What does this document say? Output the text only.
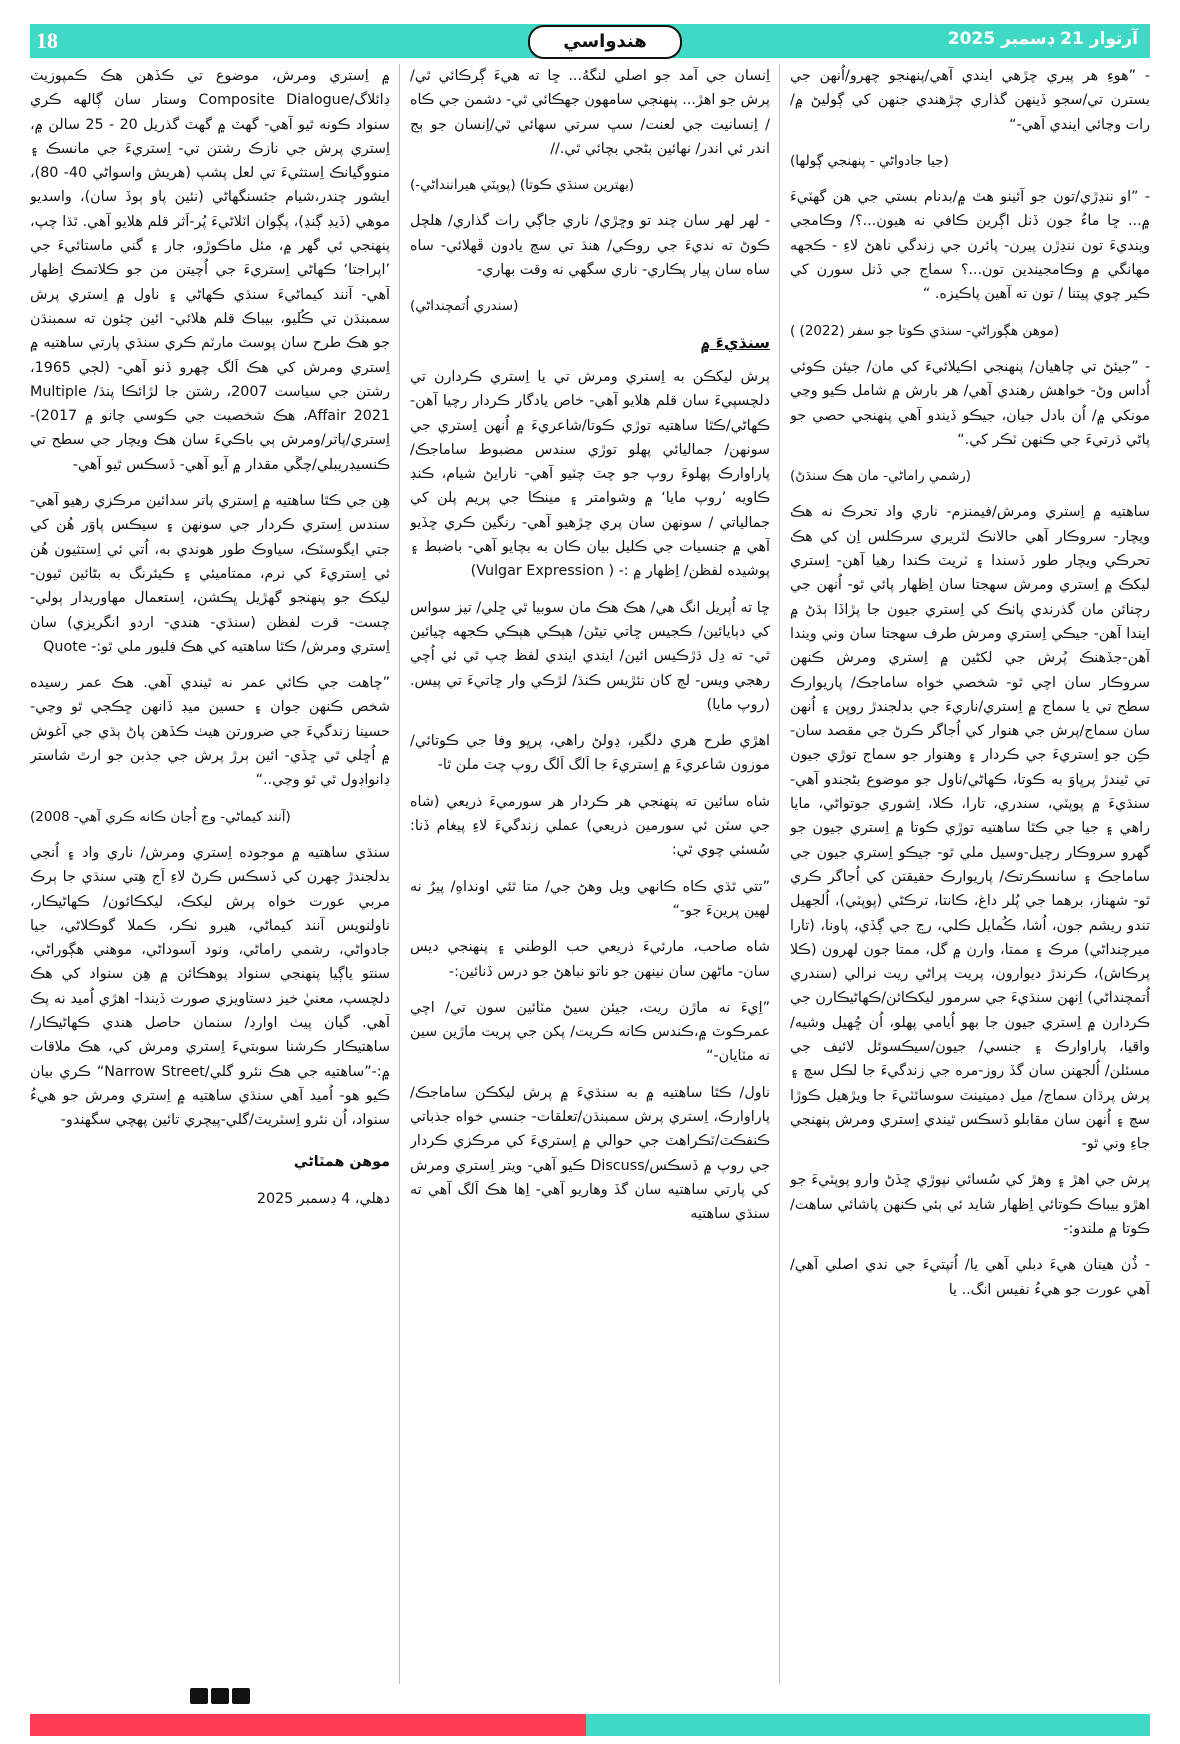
18	هندواسي	آرتوار 21 ڊسمبر 2025

- ”هوءِ هر پيري چڙهي ايندي آهي/پنهنجو چهرو/اُنهن جي بسترن تي/سجو ڏينهن گذاري چڙهندي جنهن کي ڳوليڻ ۾/رات وڃائي ايندي آهي-“

(جيا جادواڻي - پنهنجي ڳولها)

- ”او ننڍڙي/تون جو آئينو هٿ ۾/بدنام بستي جي هن گهٽيءَ ۾... ڇا ماءُ جون ڏنل اڳرين ڪافي نه هيون...؟/ وڪامجي وينديءَ تون ننڍڙن پيرن- پائرن جي زندگي ناهڻ لاءِ - ڪجهه مهانگي ۾ وڪامجيندين تون...؟ سماج جي ڏنل سورن کي ڪير چوي پيتنا / تون ته آهين پاڪيزه. “

(موهن هڳوراڻي- سنڌي ڪوتا جو سفر (2022) )

- ”جيئڻ تي چاهيان/ پنهنجي اڪيلائيءَ کي مان/ جيئن ڪوئي اُداس وڻ- خواهش رهندي آهي/ هر بارش ۾ شامل ڪيو وڃي مونکي ۾/ اُن بادل جيان، جيڪو ڏيندو آهي پنهنجي حصي جو پاڻي ڌرتيءَ جي ڪنهن ٽڪر کي.“

(رشمي راماڻي- مان هڪ سنڌڻ)

ساهتيه ۾ اِستري ومرش/فيمنزم- ناري واد تحرڪ نه هڪ ويچار- سروڪار آهي حالانڪ لٽريري سرڪلس اِن کي هڪ تحرڪي ويچار طور ڏسندا ۽ ٽريٽ ڪندا رهيا آهن- اِستري ليکڪ ۾ اِستري ومرش سهجتا سان اِظهار پائي ٿو- اُنهن جي رچنائن مان گذرندي پاٺڪ کي اِستري جيون جا پڙاڏا ٻڌڻ ۾ ايندا آهن- جيڪي اِستري ومرش طرف سهجتا سان وني ويندا آهن-جڏهنڪ پُرش جي لکڻين ۾ اِستري ومرش ڪنهن سروڪار سان اچي ٿو- شخصي خواه ساماجڪ/ پاريوارڪ سطح تي يا سماج ۾ اِستري/ناريءَ جي بدلجندڙ روپن ۽ اُنهن سان سماج/پرش جي هنوار کي اُجاگر ڪرڻ جي مقصد سان- ڪِن جو اِستريءَ جي ڪردار ۽ وهنوار جو سماج توڙي جيون تي ٿيندڙ پرڀاوَ به ڪوتا، ڪهاڻي/ناول جو موضوع بڻجندو آهي- سنڌيءَ ۾ پوپٽي، سندري، تارا، ڪلا، اِشوري جوتواڻي، مايا راهي ۽ جيا جي ڪٿا ساهتيه توڙي ڪوتا ۾ اِستري جيون جو گهرو سروڪار رچيل-وسيل ملي ٿو- جيڪو اِستري جيون جي ساماجڪ ۽ سانسڪرتڪ/ پاريوارڪ حقيقتن کي اُجاگر ڪري ٿو- شهناز، برهما جي پُلر داغ، ڪانتا، ترڪڻي (پوپٽي)، اُلجهيل تندو ريشم جون، اُشا، ڪُمايل ڪلي، رڃ جي ڳڏي، پاونا، (تارا ميرچنداڻي) مرڪ ۽ ممتا، وارن ۾ گل، ممتا جون لهرون (ڪلا پرڪاش)، ڪرندڙ ديوارون، پريت پراڻي ريت نرالي (سندري اُتمچنداڻي) اِنهن سنڌيءَ جي سرمور ليکڪائن/ڪهاڻيڪارن جي ڪردارن ۾ اِستري جيون جا بهو اُيامي پهلو، اُن ڇُهيل وشيه/ واقيا، پاراوارڪ ۽ جنسي/ جيون/سيڪسوئل لائيف جي مسئلن/ اُلجهنن سان گڏ روز-مره جي زندگيءَ جا لڪل سچ ۽ پرش پرڌان سماج/ ميل ڊمينينٽ سوسائٽيءَ جا ويڙهيل ڪوڙا سچ ۽ اُنهن سان مقابلو ڏسڪس ٿيندي اِستري ومرش پنهنجي جاءِ وني ٿو-

پرش جي اهڙ ۽ وهڙ کي سُسائي نپوڙي ڇڏڻ وارو پوپٽيءَ جو اهڙو بيباڪ ڪوتائي اِظهار شايد ئي ٻئي ڪنهن پاشائي ساهت/ڪوتا ۾ ملندو:-

- ڏُن هينان هيءَ دبلي آهي يا/ اُتپتيءَ جي ندي اصلي آهي/ آهي عورت جو هيءُ نفيس انگ.. يا

اِنسان جي آمد جو اصلي لنگهُ... ڇا ته هيءَ ڳرڪائي ٿي/ پرش جو اهڙ... پنهنجي سامهون جهڪائي ٿي- دشمن جي ڪاه / اِنسانيت جي لعنت/ سڀ سرتي سهائي ٿي/اِنسان جو ٻج اندر ئي اندر/ نهائين بڻجي بچائي ٿي.//

(بهترين سنڌي ڪوتا) (پوپٽي هيراننداڻي-)

- لهر لهر سان چند تو وڇڙي/ ناري جاڳي رات گذاري/ هلچل ڪوڻ ته نديءَ جي روڪي/ هنڌ تي سڄ يادون ڦهلائي- ساه ساه سان پيار پڪاري- ناري سگهي نه وقت بهاري-

(سندري اُتمچنداڻي)

سنڌيءَ ۾

پرش ليکڪن به اِستري ومرش تي يا اِستري ڪردارن تي دلچسپيءَ سان قلم هلايو آهي- خاص يادگار ڪردار رچيا آهن- ڪهاڻي/ڪٿا ساهتيه توڙي ڪوتا/شاعريءَ ۾ اُنهن اِستري جي سونهن/ جماليائي پهلو توڙي سندس مضبوط ساماجڪ/ پاراوارڪ پهلوءَ روپ جو چٽ چٽيو آهي- نارايڻ شيام، ڪنڊ ڪاويه ’روپ مايا‘ ۾ وشوامتر ۽ مينڪا جي پريم پلن کي جمالياتي / سونهن سان پري چڙهيو آهي- رنگين ڪري ڇڏيو آهي ۾ جنسيات جي ڪليل بيان ڪان به بچايو آهي- باضبط ۽ پوشيده لفظن/ اِظهار ۾ :- ( Vulgar Expression)

ڇا ته اُپريل انگ هي/ هڪ هڪ مان سوبيا ٿي ڇلي/ تيز سواس کي دٻايائين/ ڪجيس ڇاتي تيڻن/ هٻڪي هٻڪي ڪجهه چيائين ٿي- ته دِل ڌڙڪيس ائين/ ايندي ايندي لفظ چپ ٿي ئي اُچي رهجي ويس- لڄ کان نئڙيس ڪنڌ/ لڙڪي وار ڇاتيءَ تي پيس. (روپ مايا)

اهڙي طرح هري دلگير، ڍولڻ راهي، پرڀو وفا جي ڪوتائي/ موزون شاعريءَ ۾ اِستريءَ جا اَلگ اَلگ روپ چٽ ملن ٿا-

شاه سائين ته پنهنجي هر ڪردار هر سورميءَ ذريعي (شاه جي سٽن ئي سورمين ذريعي) عملي زندگيءَ لاءِ پيغام ڏنا: سُسئي چوي ٿي:

”تتي ٿڌي ڪاه ڪانهي ويل وهڻ جي/ متا ٿئي اونداهِ/ پيرُ نه لهين پرينءَ جو-“

شاه صاحب، مارئيءَ ذريعي حب الوطني ۽ پنهنجي ديس سان- ماڻهن سان نينهن جو ناتو نباهڻ جو درس ڏنائين:-

”اِيءَ نه ماڙن ريت، جيئن سيڻ مٽائين سون تي/ اچي عمرڪوٽ ۾،ڪندس ڪانه ڪريت/ پکن جي پريت ماڙين سين نه مٽايان-“

ناول/ ڪٿا ساهتيه ۾ به سنڌيءَ ۾ پرش ليکڪن ساماجڪ/پاراوارڪ، اِستري پرش سمبنڌن/تعلقات- جنسي خواه جذباتي ڪنفڪٽ/ٽڪراهٽ جي حوالي ۾ اِستريءَ کي مرڪزي ڪردار جي روپ ۾ ڏسڪس/Discuss ڪيو آهي- ويتر اِستري ومرش کي پارتي ساهتيه سان گڏ وهاريو آهي- اِها هڪ اَلگ آهي ته سنڌي ساهتيه

۾ اِستري ومرش، موضوع تي ڪڏهن هڪ ڪمپوزيٽ ڊائلاگ/Composite Dialogue وستار سان ڳالهه ڪري سنواد ڪونه ٿيو آهي- گهٽ ۾ گهٽ گذريل 20 - 25 سالن ۾، اِستري پرش جي نازڪ رشتن تي- اِستريءَ جي مانسڪ ۽ منووگيانڪ اِستثيءَ تي لعل پشپ (هريش واسواڻي 40- 80)، ايشور چندر،شيام جئسنگهاڻي (نئين پاو ٻوڏ سان)، واسديو موهي (ڏيڊ ڳنڍ)، پڳوان اٽلاڻيءَ پُر-اَثر قلم هلايو آهي. ٿڌا چپ، پنهنجي ئي گهر ۾، مئل ماڪوڙو، جار ۽ گني ماستائيءَ جي ’اپراجتا‘ ڪهاڻي اِستريءَ جي اُچيتن من جو ڪلاتمڪ اِظهار آهي- آنند کيماڻيءَ سنڌي ڪهاڻي ۽ ناول ۾ اِستري پرش سمبنڌن تي ڪُليو، بيباڪ قلم هلائي- ائين چئون ته سمبنڌن جو هڪ طرح سان پوسٽ مارٽم ڪري سنڌي پارتي ساهتيه ۾ اِستري ومرش کي هڪ اَلگ چهرو ڏنو آهي- (لڄي 1965، رشتن جي سياست 2007، رشتن جا لڙائڪا پنڌ/ Multiple Affair 2021، هڪ شخصيت جي ڪوسي چانو ۾ 2017)- اِستري/پاتر/ومرش ٻي باڪيءَ سان هڪ ويچار جي سطح تي ڪنسيڊريبلي/چڱي مقدار ۾ آيو آهي- ڏسڪس ٿيو آهي-

هِن جي ڪٿا ساهتيه ۾ اِستري پاتر سدائين مرڪزي رهيو آهي- سندس اِستري ڪردار جي سونهن ۽ سيڪس پاوَر هُن کي جتي ايگوسٽڪ، سياوڪ طور هوندي به، اُتي ئي اِستثيون هُن ئي اِستريءَ کي نرم، ممتاميئي ۽ ڪيئرنگ به بڻائين ٿيون- ليکڪ جو پنهنجو گهڙيل ڀڪشن، اِستعمال مهاوريدار ٻولي- چست- قرت لفظن (سنڌي- هندي- اردو انگريزي) سان اِستري ومرش/ ڪٿا ساهتيه کي هڪ فليور ملي ٿو:- Quote

”چاهت جي ڪائي عمر نه ٿيندي آهي. هڪ عمر رسيده شخص ڪنهن جوان ۽ حسين ميڊ ڏانهن ڇڪجي ٿو وڃي- حسينا زندگيءَ جي ضرورتن هيٺ ڪڏهن پاڻ ٻڌي جي آغوش ۾ اُڇلي ٿي ڇڏي- ائين ٻرڙ پرش جي جذبن جو ارٿ شاستر ڊانواڊول ٿي ٿو وڃي..“

(آنند کيماڻي- وڃ اُجان ڪانه ڪري آهي- 2008)

سنڌي ساهتيه ۾ موجوده اِستري ومرش/ ناري واد ۽ اُنجي بدلجندڙ چهرن کي ڏسڪس ڪرڻ لاءِ اَج هِتي سنڌي جا ٻرڪ مربي عورت خواه پرش ليکڪ، ليکڪائون/ ڪهاڻيڪار، ناولنويس آنند کيماڻي، هيرو ٺڪر، ڪملا گوڪلاڻي، جيا جادواڻي، رشمي راماڻي، ونود آسوداڻي، موهني هڳوراڻي، سنتو ياڳيا پنهنجي سنواد پوهڪائن ۾ هِن سنواد کي هڪ دلچسپ، معنيٰ خيز دستاويزي صورت ڏيندا- اهڙي اُميد نه پڪ آهي. گيان پيٺ اوارڊ/ سنمان حاصل هندي ڪهاڻيڪار/ ساهتيڪار ڪرشنا سوبتيءَ اِستري ومرش کي، هڪ ملاقات ۾:-”ساهتيه جي هڪ نئرو گلي/Narrow Street“ ڪري بيان ڪيو هو- اُميد آهي سنڌي ساهتيه ۾ اِستري ومرش جو هيءُ سنواد، اُن نئرو اِسٽريٽ/گلي-پيچري تائين پهچي سگهندو-

موهن همٿاڻي

دهلي، 4 ڊسمبر 2025
